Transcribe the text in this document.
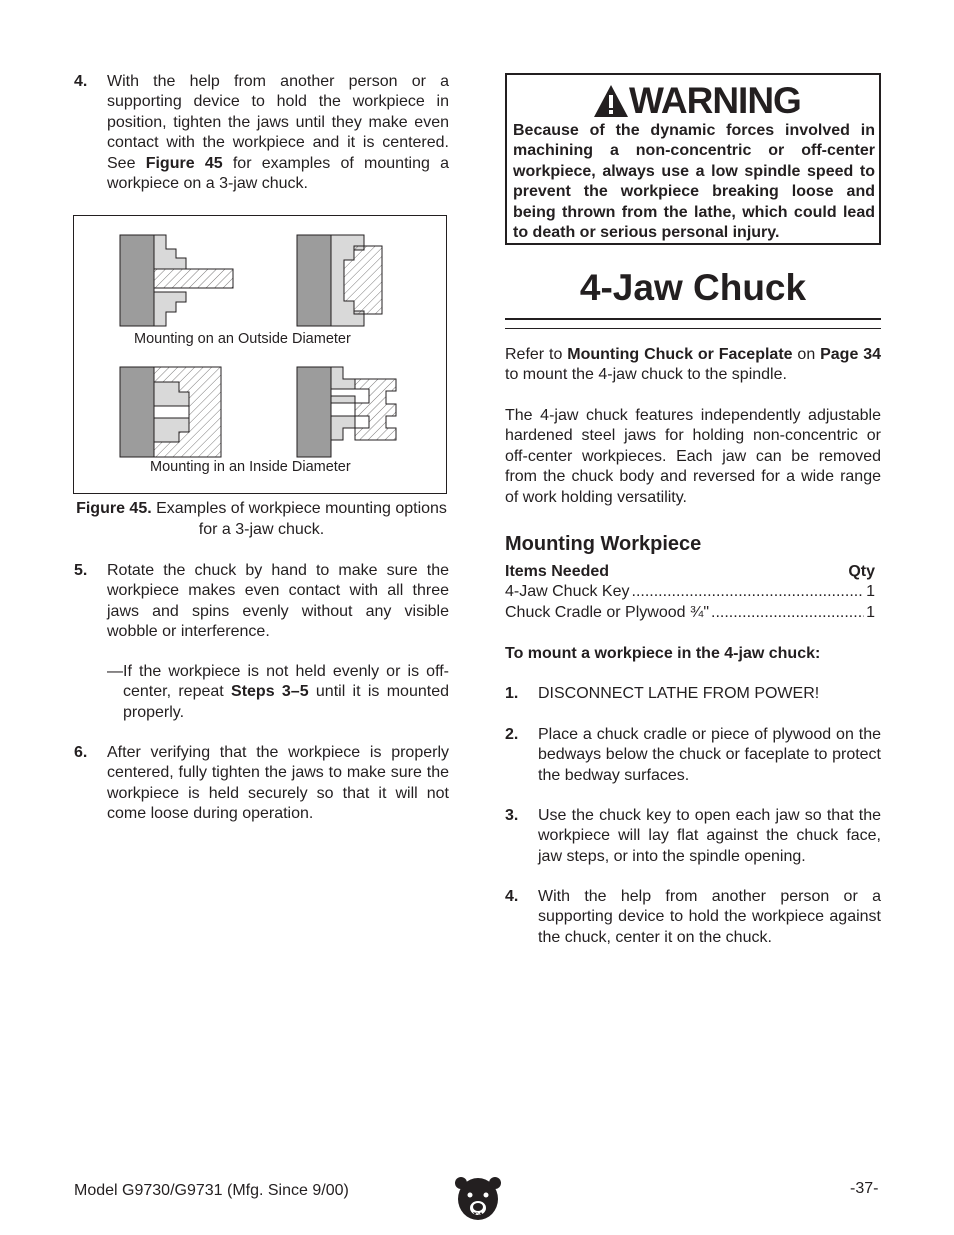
4. With the help from another person or a supporting device to hold the workpiece in position, tighten the jaws until they make even contact with the workpiece and it is centered. See Figure 45 for examples of mounting a workpiece on a 3-jaw chuck.
Mounting on an Outside Diameter
Mounting in an Inside Diameter
Figure 45. Examples of workpiece mounting options for a 3-jaw chuck.
5. Rotate the chuck by hand to make sure the workpiece makes even contact with all three jaws and spins evenly without any visible wobble or interference.

—If the workpiece is not held evenly or is off-center, repeat Steps 3–5 until it is mounted properly.

6. After verifying that the workpiece is properly centered, fully tighten the jaws to make sure the workpiece is held securely so that it will not come loose during operation.
WARNING
Because of the dynamic forces involved in machining a non-concentric or off-center workpiece, always use a low spindle speed to prevent the workpiece breaking loose and being thrown from the lathe, which could lead to death or serious personal injury.
4-Jaw Chuck
Refer to Mounting Chuck or Faceplate on Page 34 to mount the 4-jaw chuck to the spindle.
The 4-jaw chuck features independently adjustable hardened steel jaws for holding non-concentric or off-center workpieces. Each jaw can be removed from the chuck body and reversed for a wide range of work holding versatility.
Mounting Workpiece
Items Needed	Qty
4-Jaw Chuck Key .....	1
Chuck Cradle or Plywood ¾" .....	1
To mount a workpiece in the 4-jaw chuck:
1. DISCONNECT LATHE FROM POWER!
2. Place a chuck cradle or piece of plywood on the bedways below the chuck or faceplate to protect the bedway surfaces.
3. Use the chuck key to open each jaw so that the workpiece will lay flat against the chuck face, jaw steps, or into the spindle opening.
4. With the help from another person or a supporting device to hold the workpiece against the chuck, center it on the chuck.
Model G9730/G9731 (Mfg. Since 9/00)	-37-
